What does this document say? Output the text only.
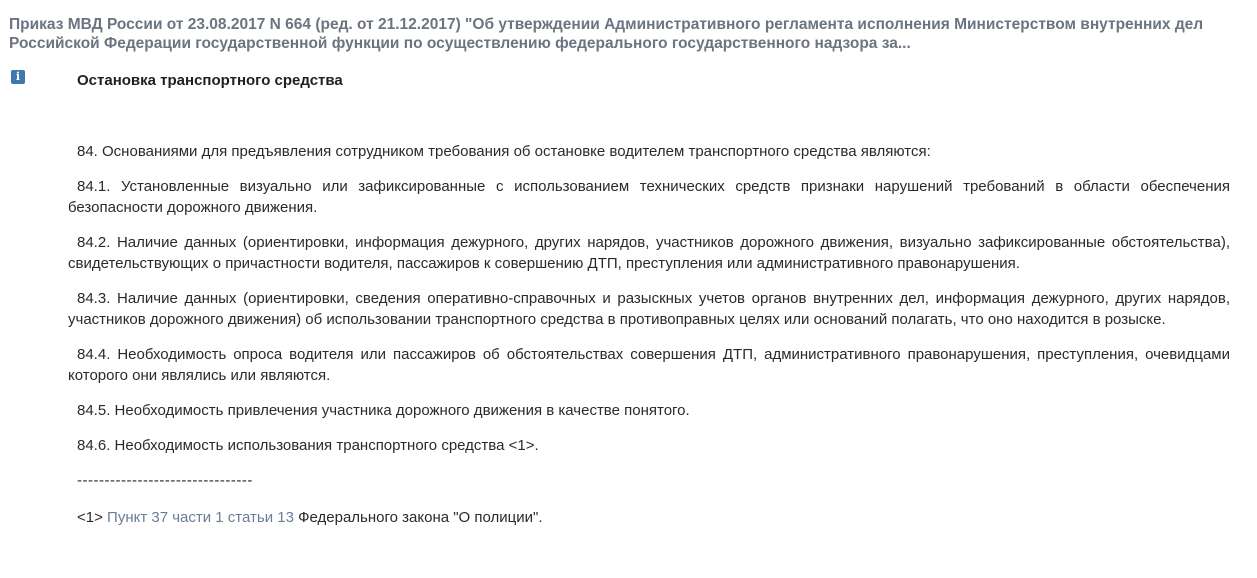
Приказ МВД России от 23.08.2017 N 664 (ред. от 21.12.2017) "Об утверждении Административного регламента исполнения Министерством внутренних дел Российской Федерации государственной функции по осуществлению федерального государственного надзора за...
i	Остановка транспортного средства

84. Основаниями для предъявления сотрудником требования об остановке водителем транспортного средства являются:

84.1. Установленные визуально или зафиксированные с использованием технических средств признаки нарушений требований в области обеспечения безопасности дорожного движения.

84.2. Наличие данных (ориентировки, информация дежурного, других нарядов, участников дорожного движения, визуально зафиксированные обстоятельства), свидетельствующих о причастности водителя, пассажиров к совершению ДТП, преступления или административного правонарушения.

84.3. Наличие данных (ориентировки, сведения оперативно-справочных и разыскных учетов органов внутренних дел, информация дежурного, других нарядов, участников дорожного движения) об использовании транспортного средства в противоправных целях или оснований полагать, что оно находится в розыске.

84.4. Необходимость опроса водителя или пассажиров об обстоятельствах совершения ДТП, административного правонарушения, преступления, очевидцами которого они являлись или являются.

84.5. Необходимость привлечения участника дорожного движения в качестве понятого.

84.6. Необходимость использования транспортного средства <1>.

--------------------------------
<1> Пункт 37 части 1 статьи 13 Федерального закона "О полиции".
